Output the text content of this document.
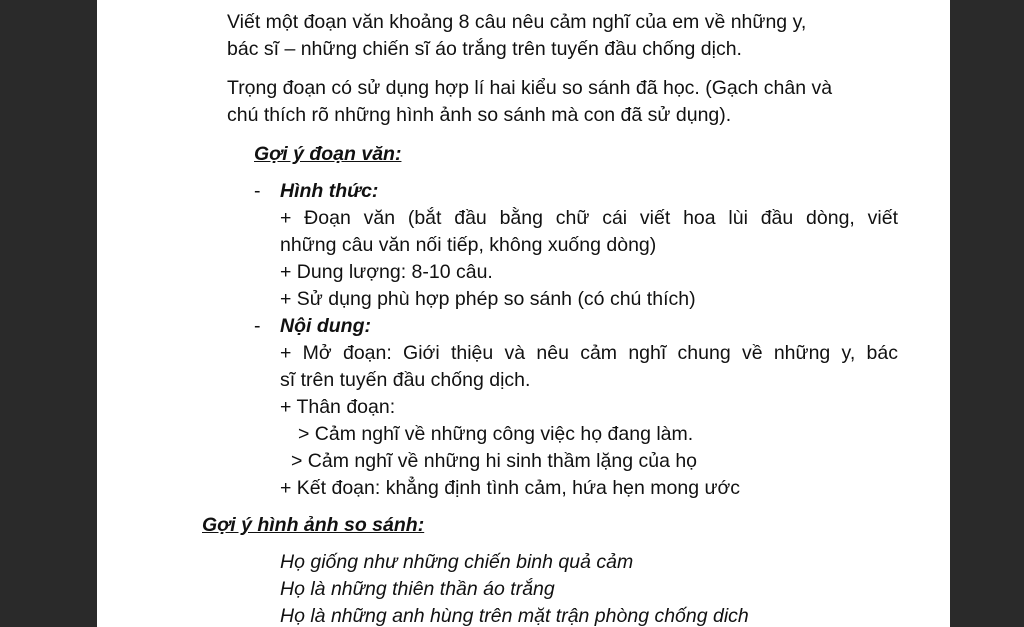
Viết một đoạn văn khoảng 8 câu nêu cảm nghĩ của em về những y,
bác sĩ – những chiến sĩ áo trắng trên tuyến đầu chống dịch.
Trọng đoạn có sử dụng hợp lí hai kiểu so sánh đã học. (Gạch chân và
chú thích rõ những hình ảnh so sánh mà con đã sử dụng).
Gợi ý đoạn văn:
- Hình thức:
+ Đoạn văn (bắt đầu bằng chữ cái viết hoa lùi đầu dòng, viết
những câu văn nối tiếp, không xuống dòng)
+ Dung lượng: 8-10 câu.
+ Sử dụng phù hợp phép so sánh (có chú thích)
- Nội dung:
+ Mở đoạn: Giới thiệu và nêu cảm nghĩ chung về những y, bác
sĩ trên tuyến đầu chống dịch.
+ Thân đoạn:
> Cảm nghĩ về những công việc họ đang làm.
> Cảm nghĩ về những hi sinh thầm lặng của họ
+ Kết đoạn: khẳng định tình cảm, hứa hẹn mong ước
Gợi ý hình ảnh so sánh:
Họ giống như những chiến binh quả cảm
Họ là những thiên thần áo trắng
Họ là những anh hùng trên mặt trận phòng chống dich
